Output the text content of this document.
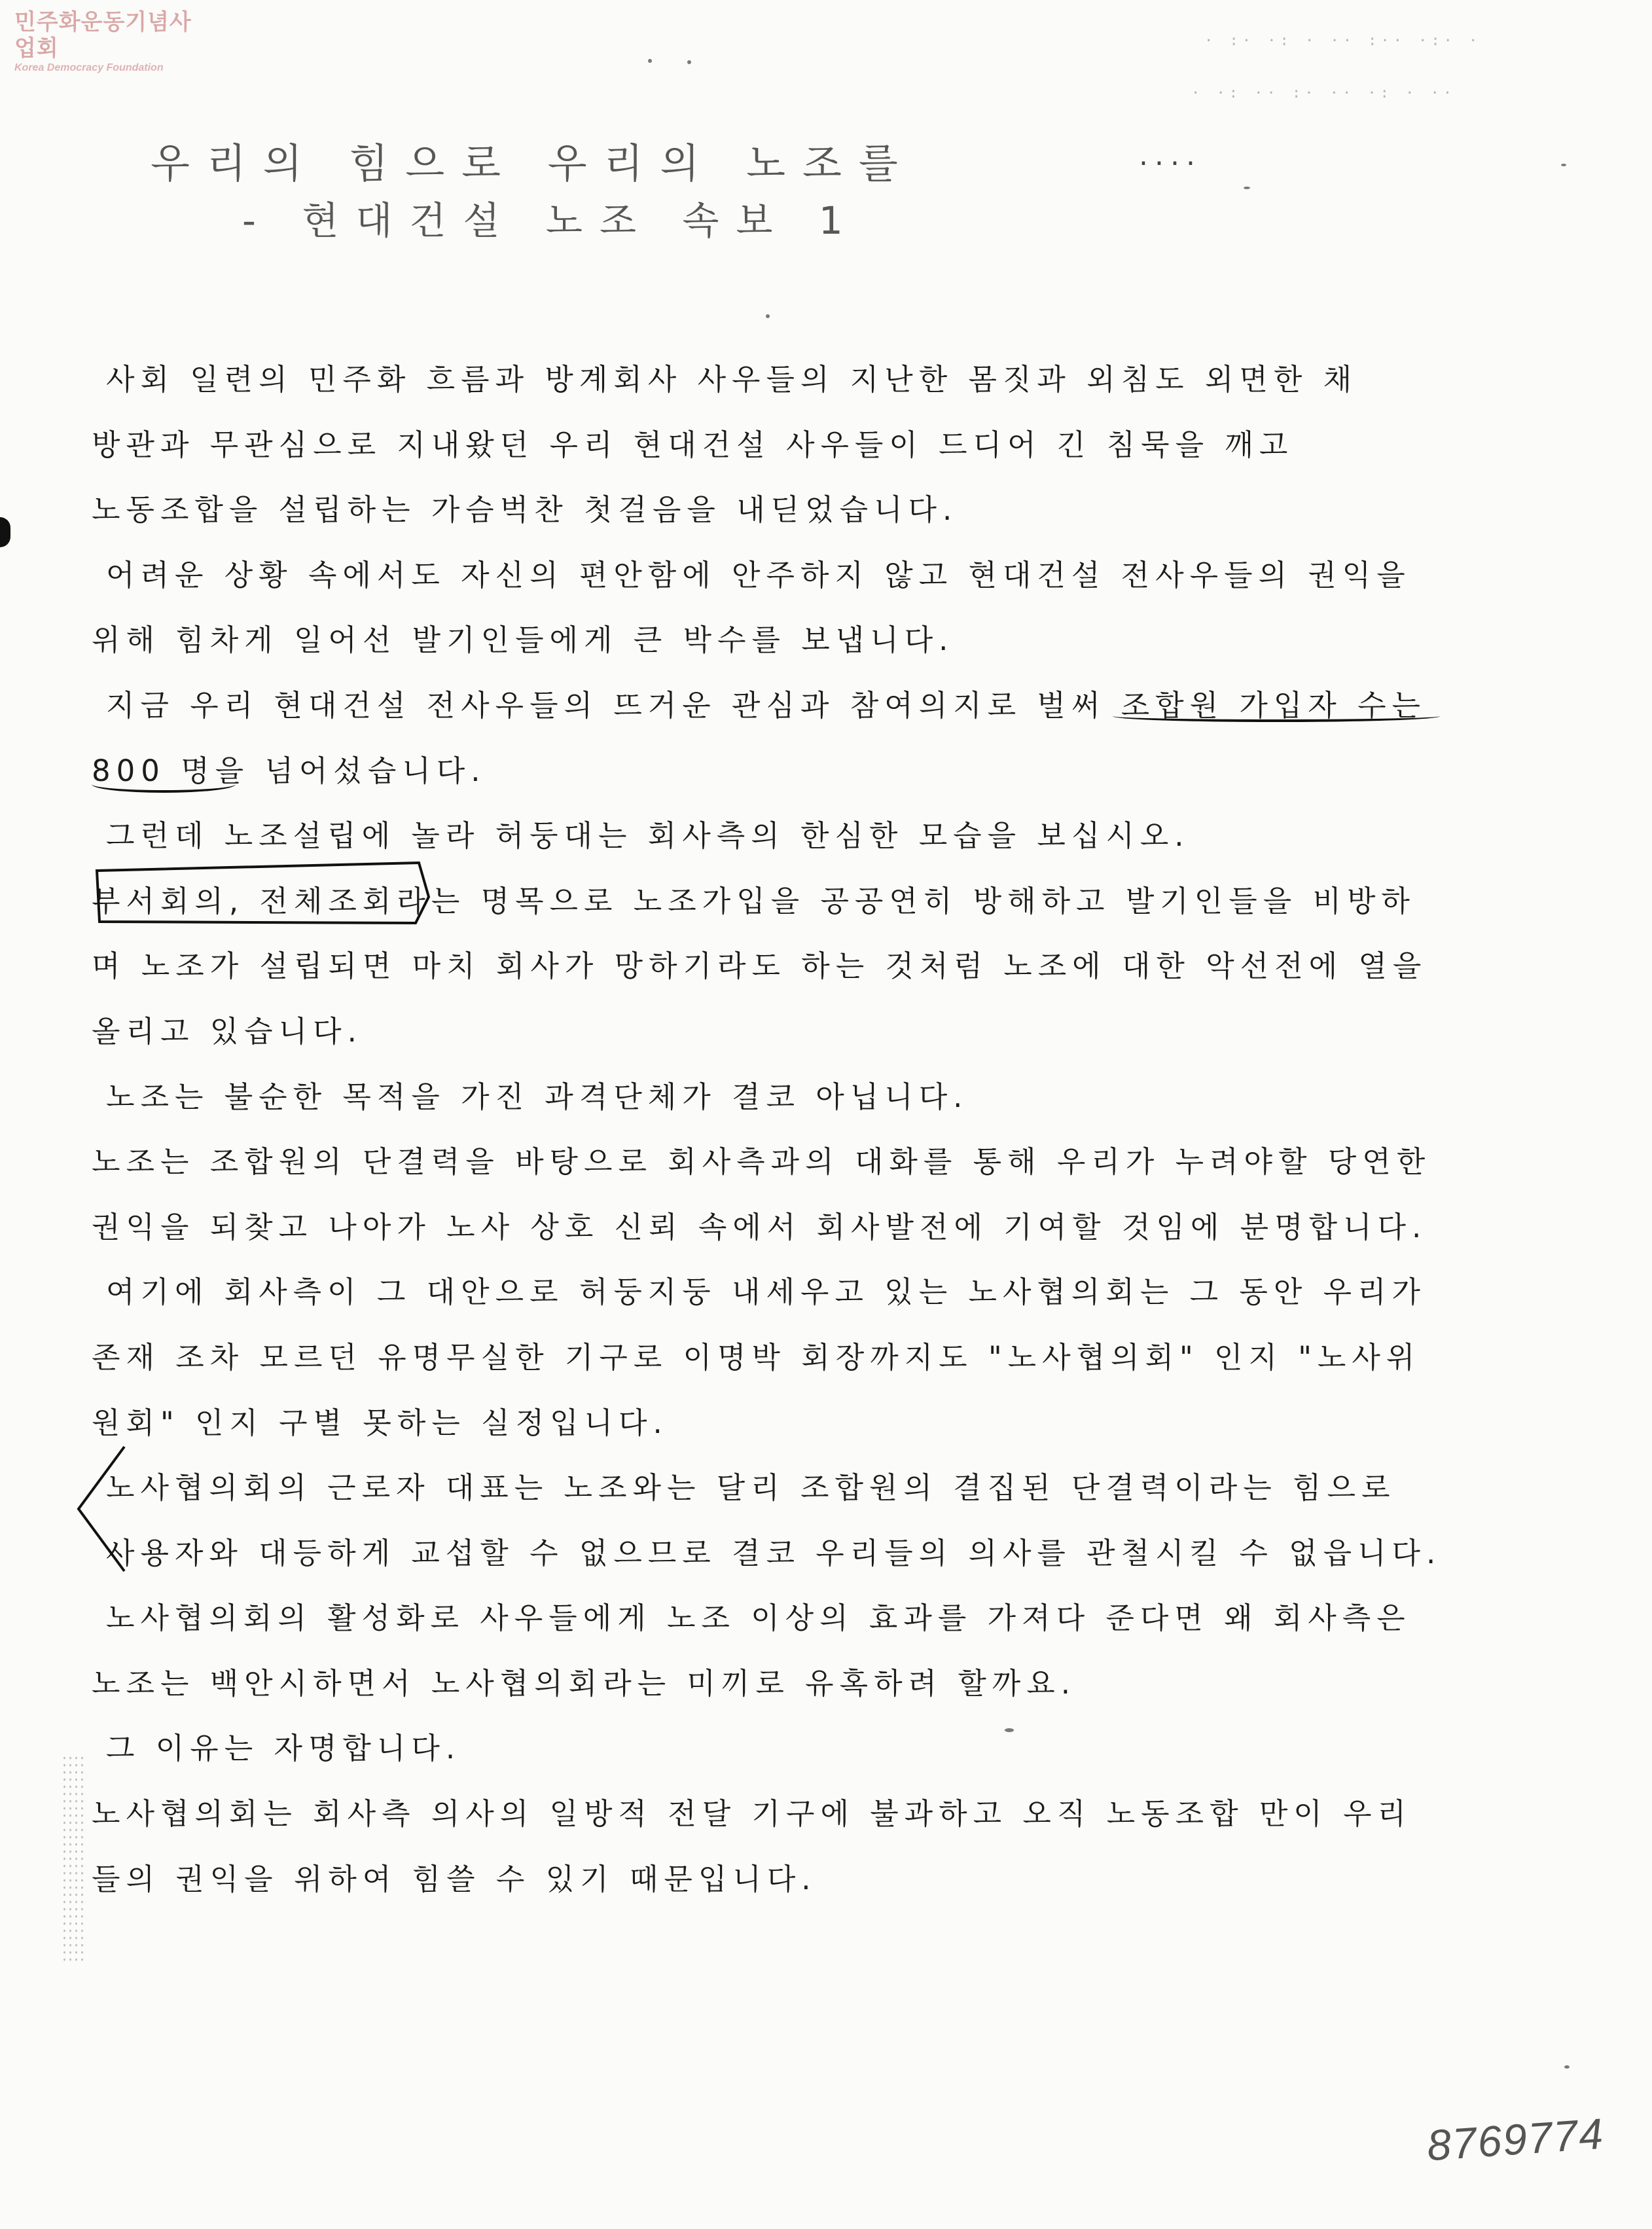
민주화운동기념사업회
Korea Democracy Foundation
· :· ·: · ·· :·· ·:· ·
· ·: ·· :· ·· ·: · ··
우리의 힘으로 우리의 노조를	....
- 현대건설 노조 속보 1
사회 일련의 민주화 흐름과 방계회사 사우들의 지난한 몸짓과 외침도 외면한 채
방관과 무관심으로 지내왔던 우리 현대건설 사우들이 드디어 긴 침묵을 깨고
노동조합을 설립하는 가슴벅찬 첫걸음을 내딛었습니다.
어려운 상황 속에서도 자신의 편안함에 안주하지 않고 현대건설 전사우들의 권익을
위해 힘차게 일어선 발기인들에게 큰 박수를 보냅니다.
지금 우리 현대건설 전사우들의 뜨거운 관심과 참여의지로 벌써 조합원 가입자 수는
800 명을 넘어섰습니다.
그런데 노조설립에 놀라 허둥대는 회사측의 한심한 모습을 보십시오.
부서회의, 전체조회라는 명목으로 노조가입을 공공연히 방해하고 발기인들을 비방하
며 노조가 설립되면 마치 회사가 망하기라도 하는 것처럼 노조에 대한 악선전에 열을
올리고 있습니다.
노조는 불순한 목적을 가진 과격단체가 결코 아닙니다.
노조는 조합원의 단결력을 바탕으로 회사측과의 대화를 통해 우리가 누려야할 당연한
권익을 되찾고 나아가 노사 상호 신뢰 속에서 회사발전에 기여할 것임에 분명합니다.
여기에 회사측이 그 대안으로 허둥지둥 내세우고 있는 노사협의회는 그 동안 우리가
존재 조차 모르던 유명무실한 기구로 이명박 회장까지도 "노사협의회" 인지 "노사위
원회" 인지 구별 못하는 실정입니다.
노사협의회의 근로자 대표는 노조와는 달리 조합원의 결집된 단결력이라는 힘으로
사용자와 대등하게 교섭할 수 없으므로 결코 우리들의 의사를 관철시킬 수 없읍니다.
노사협의회의 활성화로 사우들에게 노조 이상의 효과를 가져다 준다면 왜 회사측은
노조는 백안시하면서 노사협의회라는 미끼로 유혹하려 할까요.
그 이유는 자명합니다.
노사협의회는 회사측 의사의 일방적 전달 기구에 불과하고 오직 노동조합 만이 우리
들의 권익을 위하여 힘쓸 수 있기 때문입니다.
8769774
